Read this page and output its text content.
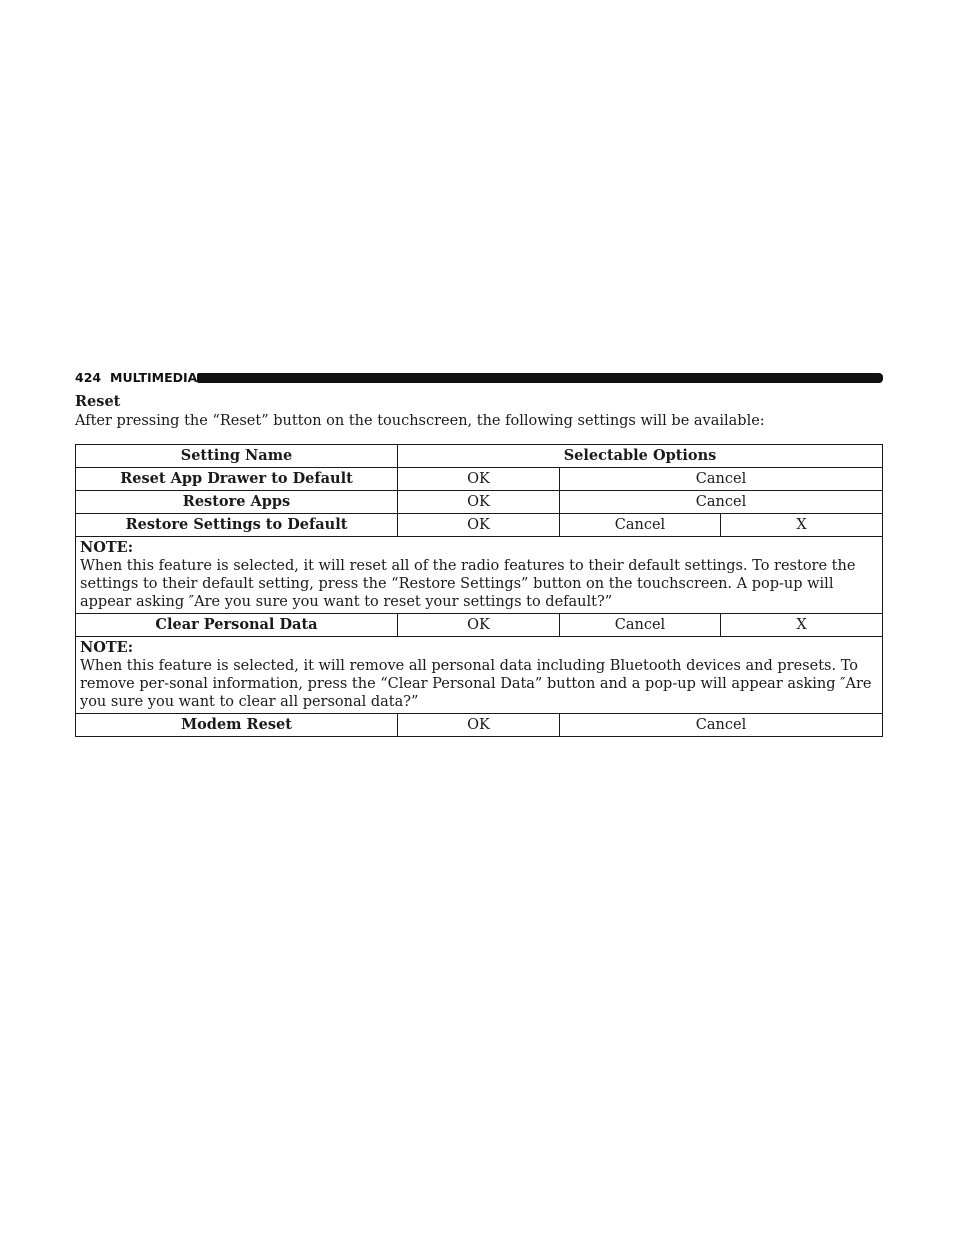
424 MULTIMEDIA
Reset
After pressing the “Reset” button on the touchscreen, the following settings will be available:
Setting Name	Selectable Options		
Reset App Drawer to Default	OK	Cancel	
Restore Apps	OK	Cancel	
Restore Settings to Default	OK	Cancel	X

NOTE:
When this feature is selected, it will reset all of the radio features to their default settings. To restore the settings to their default setting, press the “Restore Settings” button on the touchscreen. A pop-up will appear asking ″Are you sure you want to reset your settings to default?”			

Clear Personal Data	OK	Cancel	X

NOTE:
When this feature is selected, it will remove all personal data including Bluetooth devices and presets. To remove per-sonal information, press the “Clear Personal Data” button and a pop-up will appear asking ″Are you sure you want to clear all personal data?”			

Modem Reset	OK	Cancel	
